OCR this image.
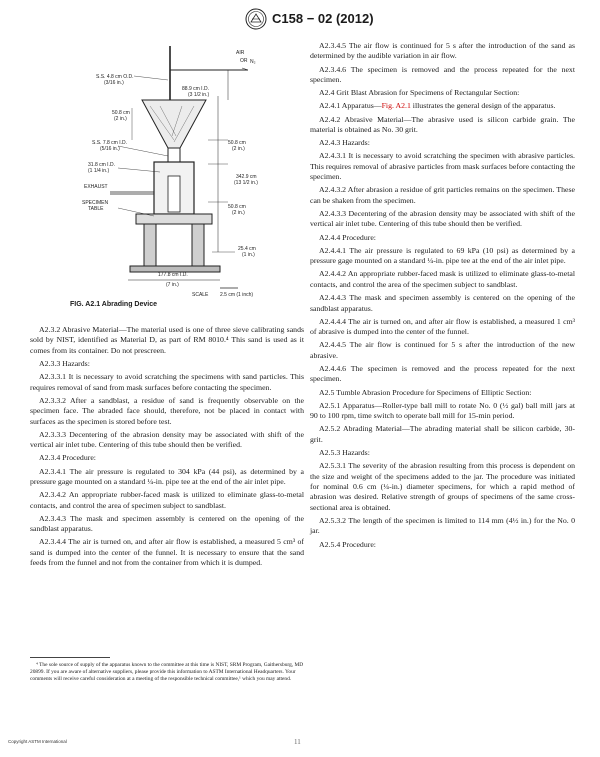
C158 − 02 (2012)
AIR
OR N₂
S.S. 4.8 cm O.D.
(3/16 in.)
88.9 cm I.D.
(3 1/2 in.)
50.8 cm
(2 in.)
S.S. 7.8 cm I.D.
(5/16 in.)
50.8 cm
(2 in.)
342.9 cm
(13 1/2 in.)
31.8 cm I.D.
(1 1/4 in.)
50.8 cm
(2 in.)
EXHAUST
SPECIMEN
TABLE
25.4 cm
(1 in.)
177.8 cm I.D.
(7 in.)
SCALE 2.5 cm (1 inch)
FIG. A2.1 Abrading Device

A2.3.2 Abrasive Material—The material used is one of three sieve calibrating sands sold by NIST, identified as Material D, as part of RM 8010.⁴ This sand is used as it comes from its container. Do not prescreen.

A2.3.3 Hazards:

A2.3.3.1 It is necessary to avoid scratching the specimens with sand particles. This requires removal of sand from mask surfaces before contacting the specimen.

A2.3.3.2 After a sandblast, a residue of sand is frequently observable on the specimen face. The abraded face should, therefore, not be placed in contact with surfaces as the specimen is stored before test.

A2.3.3.3 Decentering of the abrasion density may be associated with shift of the vertical air inlet tube. Centering of this tube should then be verified.

A2.3.4 Procedure:

A2.3.4.1 The air pressure is regulated to 304 kPa (44 psi), as determined by a pressure gage mounted on a standard ¼-in. pipe tee at the end of the air inlet pipe.

A2.3.4.2 An appropriate rubber-faced mask is utilized to eliminate glass-to-metal contacts, and control the area of specimen subject to sandblast.

A2.3.4.3 The mask and specimen assembly is centered on the opening of the sandblast apparatus.

A2.3.4.4 The air is turned on, and after air flow is established, a measured 5 cm³ of sand is dumped into the center of the funnel. It is necessary to ensure that the sand feeds from the funnel and not from the container from which it is dumped.

⁴ The sole source of supply of the apparatus known to the committee at this time is NIST, SRM Program, Gaithersburg, MD 20899. If you are aware of alternative suppliers, please provide this information to ASTM International Headquarters. Your comments will receive careful consideration at a meeting of the responsible technical committee,¹ which you may attend.

A2.3.4.5 The air flow is continued for 5 s after the introduction of the sand as determined by the audible variation in air flow.

A2.3.4.6 The specimen is removed and the process repeated for the next specimen.

A2.4 Grit Blast Abrasion for Specimens of Rectangular Section:

A2.4.1 Apparatus—Fig. A2.1 illustrates the general design of the apparatus.

A2.4.2 Abrasive Material—The abrasive used is silicon carbide grain. The material is obtained as No. 30 grit.

A2.4.3 Hazards:

A2.4.3.1 It is necessary to avoid scratching the specimen with abrasive particles. This requires removal of abrasive particles from mask surfaces before contacting the specimen.

A2.4.3.2 After abrasion a residue of grit particles remains on the specimen. These can be shaken from the specimen.

A2.4.3.3 Decentering of the abrasion density may be associated with shift of the vertical air inlet tube. Centering of this tube should then be verified.

A2.4.4 Procedure:

A2.4.4.1 The air pressure is regulated to 69 kPa (10 psi) as determined by a pressure gage mounted on a standard ¼-in. pipe tee at the end of the air inlet pipe.

A2.4.4.2 An appropriate rubber-faced mask is utilized to eliminate glass-to-metal contacts, and control the area of the specimen subject to sandblast.

A2.4.4.3 The mask and specimen assembly is centered on the opening of the sandblast apparatus.

A2.4.4.4 The air is turned on, and after air flow is established, a measured 1 cm³ of abrasive is dumped into the center of the funnel.

A2.4.4.5 The air flow is continued for 5 s after the introduction of the new abrasive.

A2.4.4.6 The specimen is removed and the process repeated for the next specimen.

A2.5 Tumble Abrasion Procedure for Specimens of Elliptic Section:

A2.5.1 Apparatus—Roller-type ball mill to rotate No. 0 (½ gal) ball mill jars at 90 to 100 rpm, time switch to operate ball mill for 15-min period.

A2.5.2 Abrading Material—The abrading material shall be silicon carbide, 30-grit.

A2.5.3 Hazards:

A2.5.3.1 The severity of the abrasion resulting from this process is dependent on the size and weight of the specimens added to the jar. The procedure was initiated for nominal 0.6 cm (¼-in.) diameter specimens, for which a rapid method of abrasion was desired. Relative strength of groups of specimens of the same cross-sectional area is obtained.

A2.5.3.2 The length of the specimen is limited to 114 mm (4½ in.) for the No. 0 jar.

A2.5.4 Procedure:

Copyright ASTM International	11
